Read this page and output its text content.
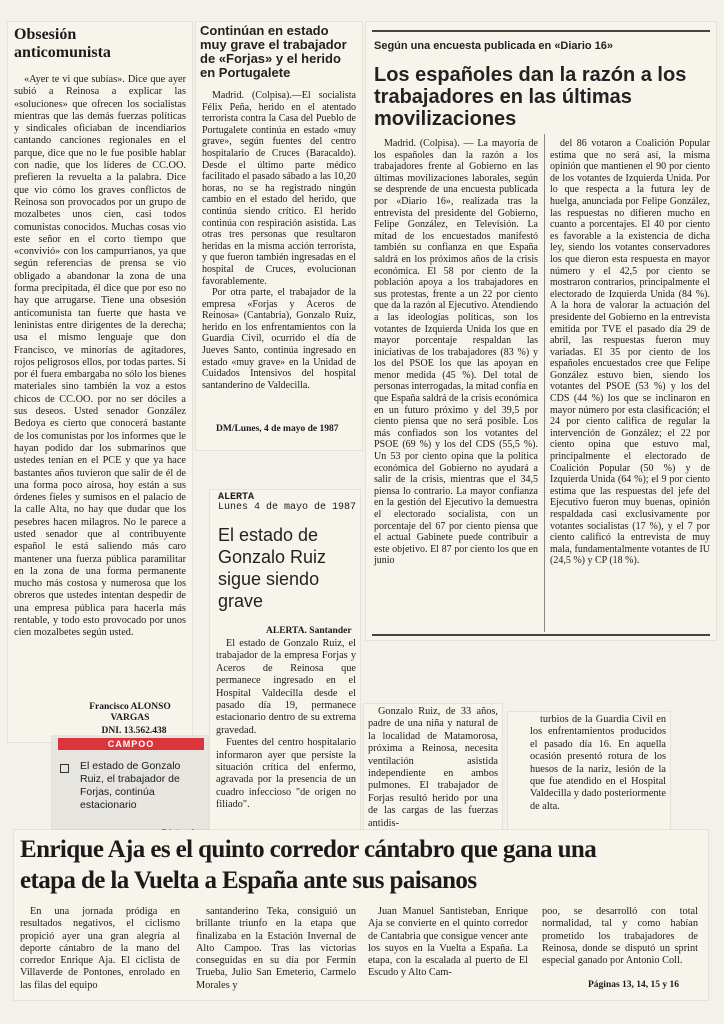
Obsesión anticomunista

«Ayer te vi que subías». Dice que ayer subió a Reinosa a explicar las «soluciones» que ofrecen los socialistas mientras que las demás fuerzas políticas y sindicales oficiaban de incendiarios cantando canciones regionales en el parque, dice que no le fue posible hablar con nadie, que los líderes de CC.OO. prefieren la revuelta a la palabra. Dice que vio cómo los graves conflictos de Reinosa son provocados por un grupo de mozalbetes unos cien, casi todos comunistas conocidos. Muchas cosas vio este señor en el corto tiempo que «convivió» con los campurrianos, ya que según referencias de prensa se vio obligado a abandonar la zona de una forma precipitada, él dice que por eso no hay que arrugarse. Tiene una obsesión anticomunista tan fuerte que hasta ve leninistas entre dirigentes de la derecha; usa el mismo lenguaje que don Francisco, ve minorías de agitadores, rojos peligrosos ellos, por todas partes. Si por él fuera embargaba no sólo los bienes materiales sino también la voz a estos chicos de CC.OO. por no ser dóciles a sus deseos. Usted senador González Bedoya es cierto que conocerá bastante de los comunistas por los informes que le hayan podido dar los submarinos que ustedes tenían en el PCE y que ya hace bastantes años tuvieron que salir de él de una forma poco airosa, hoy están a sus órdenes fieles y sumisos en el palacio de la calle Alta, no hay que dudar que los pesebres hacen milagros. No le parece a usted senador que al contribuyente español le está saliendo más caro mantener una fuerza pública paramilitar en la zona de una forma permanente mucho más costosa y numerosa que los obreros que ustedes intentan despedir de una empresa pública para hacerla más rentable, y todo esto provocado por unos cien mozalbetes según usted.

Francisco ALONSO VARGAS
DNI. 13.562.438
Continúan en estado muy grave el trabajador de «Forjas» y el herido en Portugalete

Madrid. (Colpisa).—El socialista Félix Peña, herido en el atentado terrorista contra la Casa del Pueblo de Portugalete continúa en estado «muy grave», según fuentes del centro hospitalario de Cruces (Baracaldo). Desde el último parte médico facilitado el pasado sábado a las 10,20 horas, no se ha registrado ningún cambio en el estado del herido, que continúa siendo crítico. El herido continúa con respiración asistida. Las otras tres personas que resultaron heridas en la misma acción terrorista, y que fueron también ingresadas en el hospital de Cruces, evolucionan favorablemente.

Por otra parte, el trabajador de la empresa «Forjas y Aceros de Reinosa» (Cantabria), Gonzalo Ruiz, herido en los enfrentamientos con la Guardia Civil, ocurrido el día de Jueves Santo, continúa ingresado en estado «muy grave» en la Unidad de Cuidados Intensivos del hospital santanderino de Valdecilla.

DM/Lunes, 4 de mayo de 1987
Según una encuesta publicada en «Diario 16»
Los españoles dan la razón a los trabajadores en las últimas movilizaciones

Madrid. (Colpisa). — La mayoría de los españoles dan la razón a los trabajadores frente al Gobierno en las últimas movilizaciones laborales, según se desprende de una encuesta publicada por «Diario 16», realizada tras la entrevista del presidente del Gobierno, Felipe González, en Televisión. La mitad de los encuestados manifestó también su confianza en que España saldrá en los próximos años de la crisis económica. El 58 por ciento de la población apoya a los trabajadores en sus protestas, frente a un 22 por ciento que da la razón al Ejecutivo. Atendiendo a las ideologías políticas, son los votantes de Izquierda Unida los que en mayor porcentaje respaldan las iniciativas de los trabajadores (83 %) y los del PSOE los que las apoyan en menor medida (45 %). Del total de personas interrogadas, la mitad confía en que España saldrá de la crisis económica en un futuro próximo y del 39,5 por ciento piensa que no será posible. Los más confiados son los votantes del PSOE (69 %) y los del CDS (55,5 %). Un 53 por ciento opina que la política económica del Gobierno no ayudará a salir de la crisis, mientras que el 34,5 piensa lo contrario. La mayor confianza en la gestión del Ejecutivo la demuestra el electorado socialista, con un porcentaje del 67 por ciento piensa que el actual Gabinete puede contribuir a este objetivo. El 87 por ciento los que en junio

del 86 votaron a Coalición Popular estima que no será así, la misma opinión que mantienen el 90 por ciento de los votantes de Izquierda Unida. Por lo que respecta a la futura ley de huelga, anunciada por Felipe González, las respuestas no difieren mucho en cuanto a porcentajes. El 40 por ciento es favorable a la existencia de dicha ley, siendo los votantes conservadores los que dieron esta respuesta en mayor número y el 42,5 por ciento se mostraron contrarios, principalmente el electorado de Izquierda Unida (84 %). A la hora de valorar la actuación del presidente del Gobierno en la entrevista emitida por TVE el pasado día 29 de abril, las respuestas fueron muy variadas. El 35 por ciento de los españoles encuestados cree que Felipe González estuvo bien, siendo los votantes del PSOE (53 %) y los del CDS (44 %) los que se inclinaron en mayor número por esta clasificación; el 24 por ciento califica de regular la intervención de González; el 22 por ciento opina que estuvo mal, principalmente el electorado de Coalición Popular (50 %) y de Izquierda Unida (64 %); el 9 por ciento estima que las respuestas del jefe del Ejecutivo fueron muy buenas, opinión respaldada casi exclusivamente por votantes socialistas (17 %), y el 7 por ciento calificó la entrevista de muy mala, fundamentalmente votantes de IU (24,5 %) y CP (18 %).

ALERTA
Lunes 4 de mayo de 1987
El estado de Gonzalo Ruiz sigue siendo grave
ALERTA. Santander

El estado de Gonzalo Ruiz, el trabajador de la empresa Forjas y Aceros de Reinosa que permanece ingresado en el Hospital Valdecilla desde el pasado día 19, permanece estacionario dentro de su extrema gravedad.

Fuentes del centro hospitalario informaron ayer que persiste la situación crítica del enfermo, agravada por la presencia de un cuadro infeccioso "de origen no filiado".

Gonzalo Ruiz, de 33 años, padre de una niña y natural de la localidad de Matamorosa, próxima a Reinosa, necesita ventilación asistida independiente en ambos pulmones. El trabajador de Forjas resultó herido por una de las cargas de las fuerzas antidis-

turbios de la Guardia Civil en los enfrentamientos producidos el pasado día 16. En aquella ocasión presentó rotura de los huesos de la nariz, lesión de la que fue atendido en el Hospital Valdecilla y dado posteriormente de alta.

CAMPOO
El estado de Gonzalo Ruiz, el trabajador de Forjas, continúa estacionario
Enrique Aja es el quinto corredor cántabro que gana una etapa de la Vuelta a España ante sus paisanos

En una jornada pródiga en resultados negativos, el ciclismo propició ayer una gran alegría al deporte cántabro de la mano del corredor Enrique Aja. El ciclista de Villaverde de Pontones, enrolado en las filas del equipo

santanderino Teka, consiguió un brillante triunfo en la etapa que finalizaba en la Estación Invernal de Alto Campoo. Tras las victorias conseguidas en su día por Fermín Trueba, Julio San Emeterio, Carmelo Morales y

Juan Manuel Santisteban, Enrique Aja se convierte en el quinto corredor de Cantabria que consigue vencer ante los suyos en la Vuelta a España. La etapa, con la escalada al puerto de El Escudo y Alto Cam-

poo, se desarrolló con total normalidad, tal y como habían prometido los trabajadores de Reinosa, donde se disputó un sprint especial ganado por Antonio Coll.

Páginas 13, 14, 15 y 16
